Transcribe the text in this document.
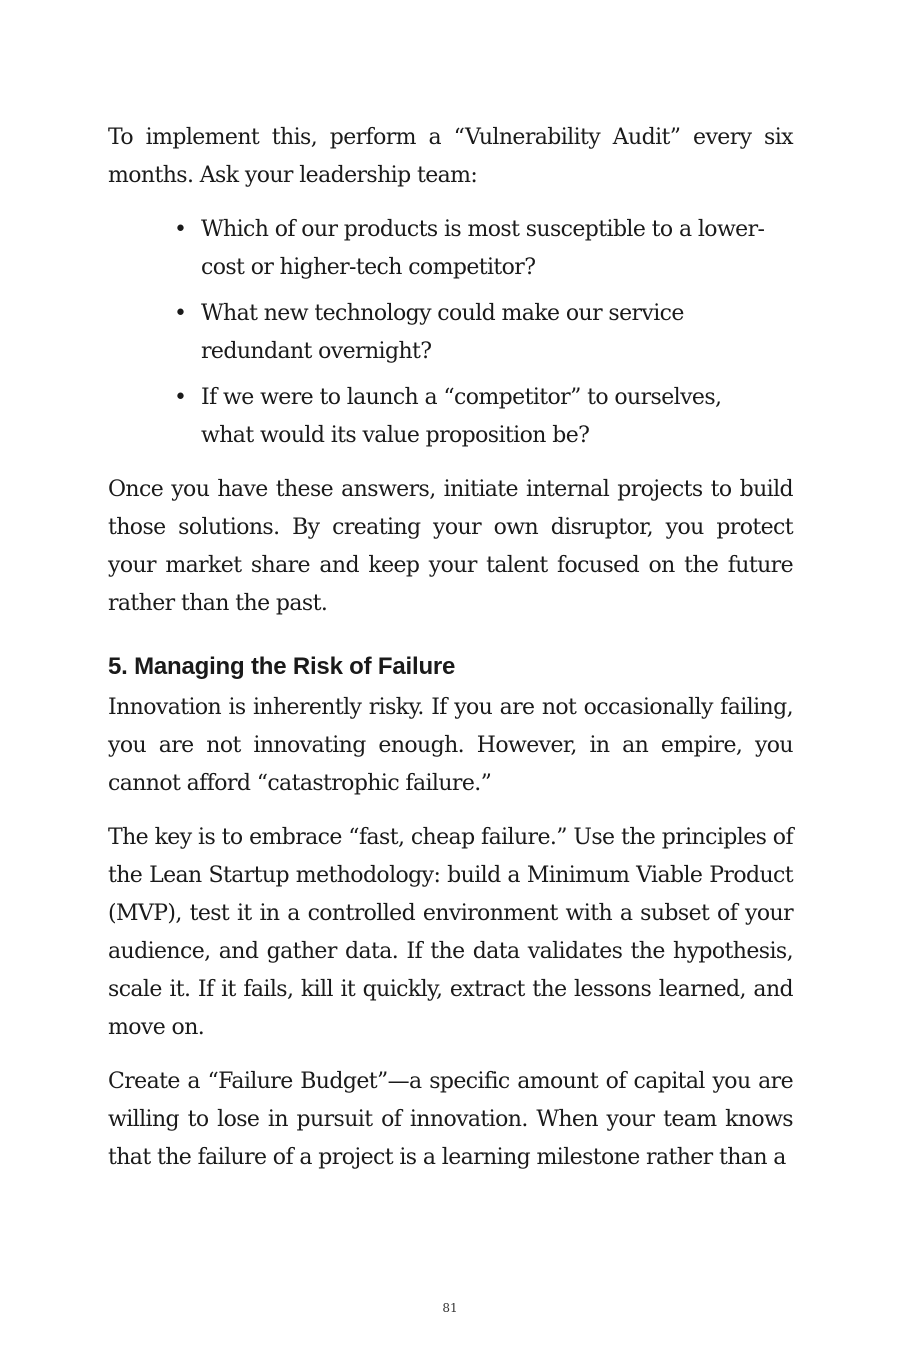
To implement this, perform a “Vulnerability Audit” every six months. Ask your leadership team:

• Which of our products is most susceptible to a lower-cost or higher-tech competitor?
• What new technology could make our service redundant overnight?
• If we were to launch a “competitor” to ourselves, what would its value proposition be?

Once you have these answers, initiate internal projects to build those solutions. By creating your own disruptor, you protect your market share and keep your talent focused on the future rather than the past.

5. Managing the Risk of Failure

Innovation is inherently risky. If you are not occasionally failing, you are not innovating enough. However, in an empire, you cannot afford “catastrophic failure.”

The key is to embrace “fast, cheap failure.” Use the principles of the Lean Startup methodology: build a Minimum Viable Product (MVP), test it in a controlled environment with a subset of your audience, and gather data. If the data validates the hypothesis, scale it. If it fails, kill it quickly, extract the lessons learned, and move on.

Create a “Failure Budget”—a specific amount of capital you are willing to lose in pursuit of innovation. When your team knows that the failure of a project is a learning milestone rather than a

81
